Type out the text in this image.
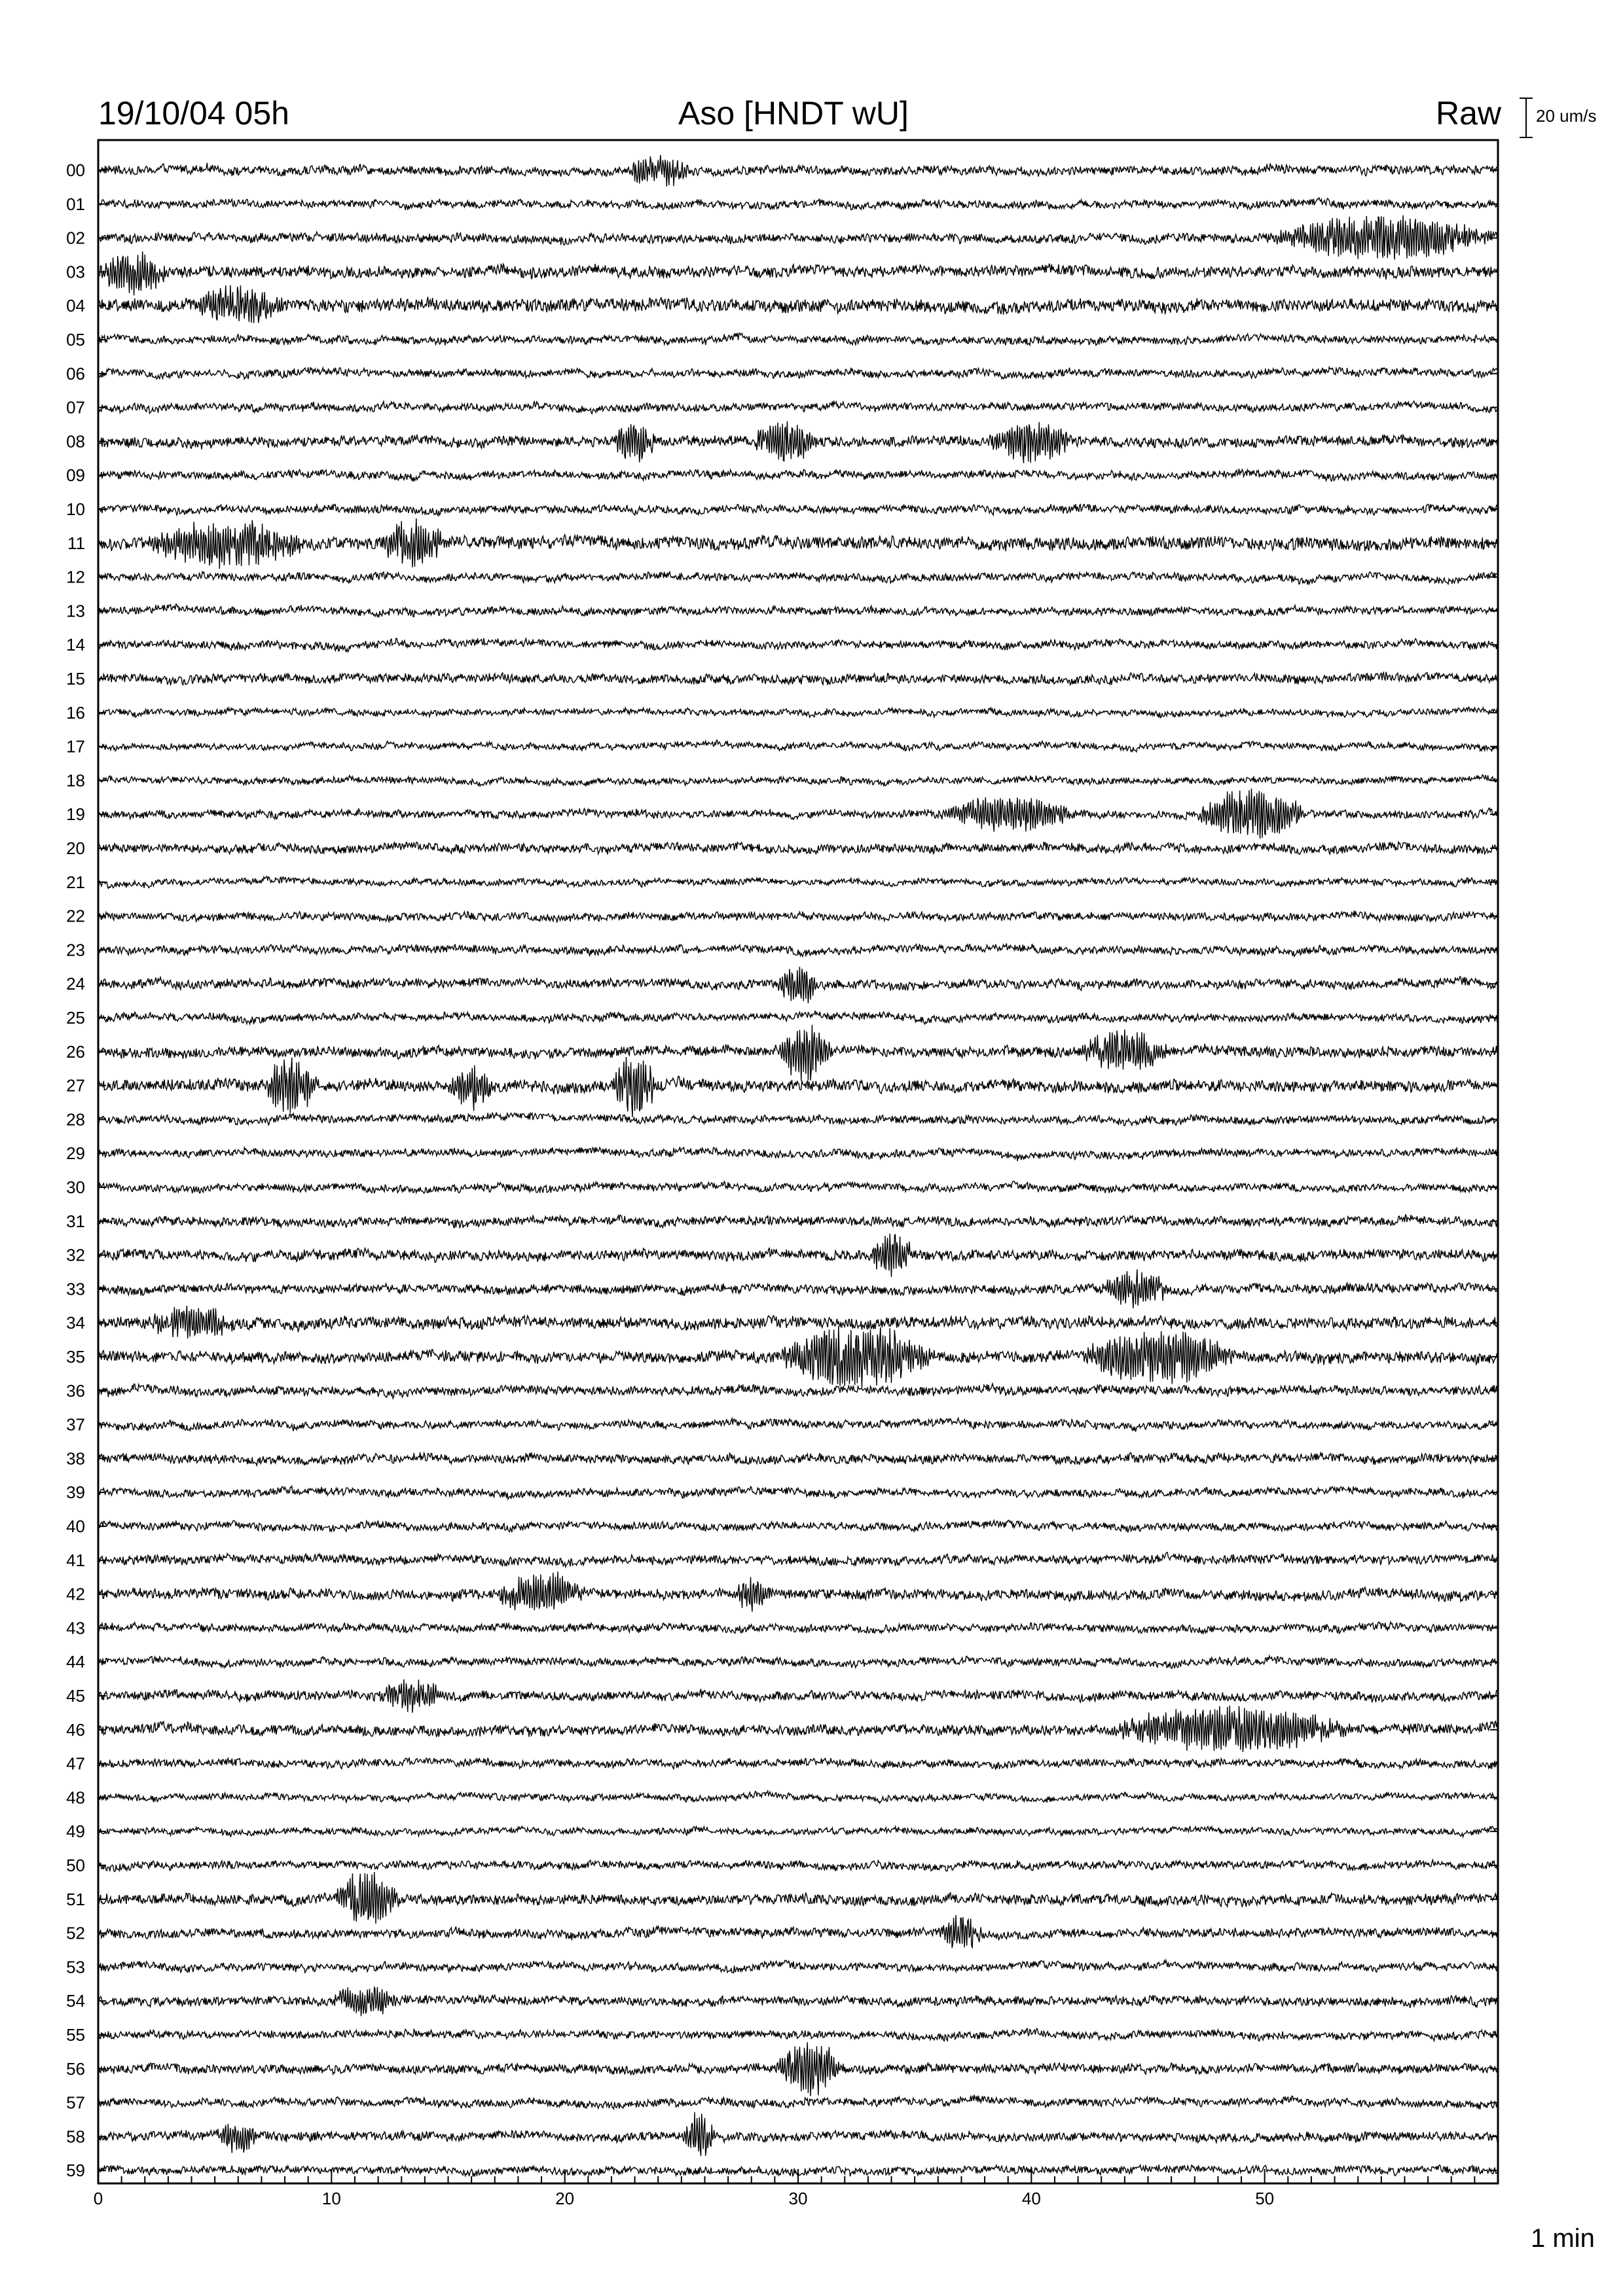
19/10/04 05h	Aso [HNDT wU]	Raw 20 um/s
1 min
0	10	20	30	40	50
00
01
02
03
04
05
06
07
08
09
10
11
12
13
14
15
16
17
18
19
20
21
22
23
24
25
26
27
28
29
30
31
32
33
34
35
36
37
38
39
40
41
42
43
44
45
46
47
48
49
50
51
52
53
54
55
56
57
58
59
